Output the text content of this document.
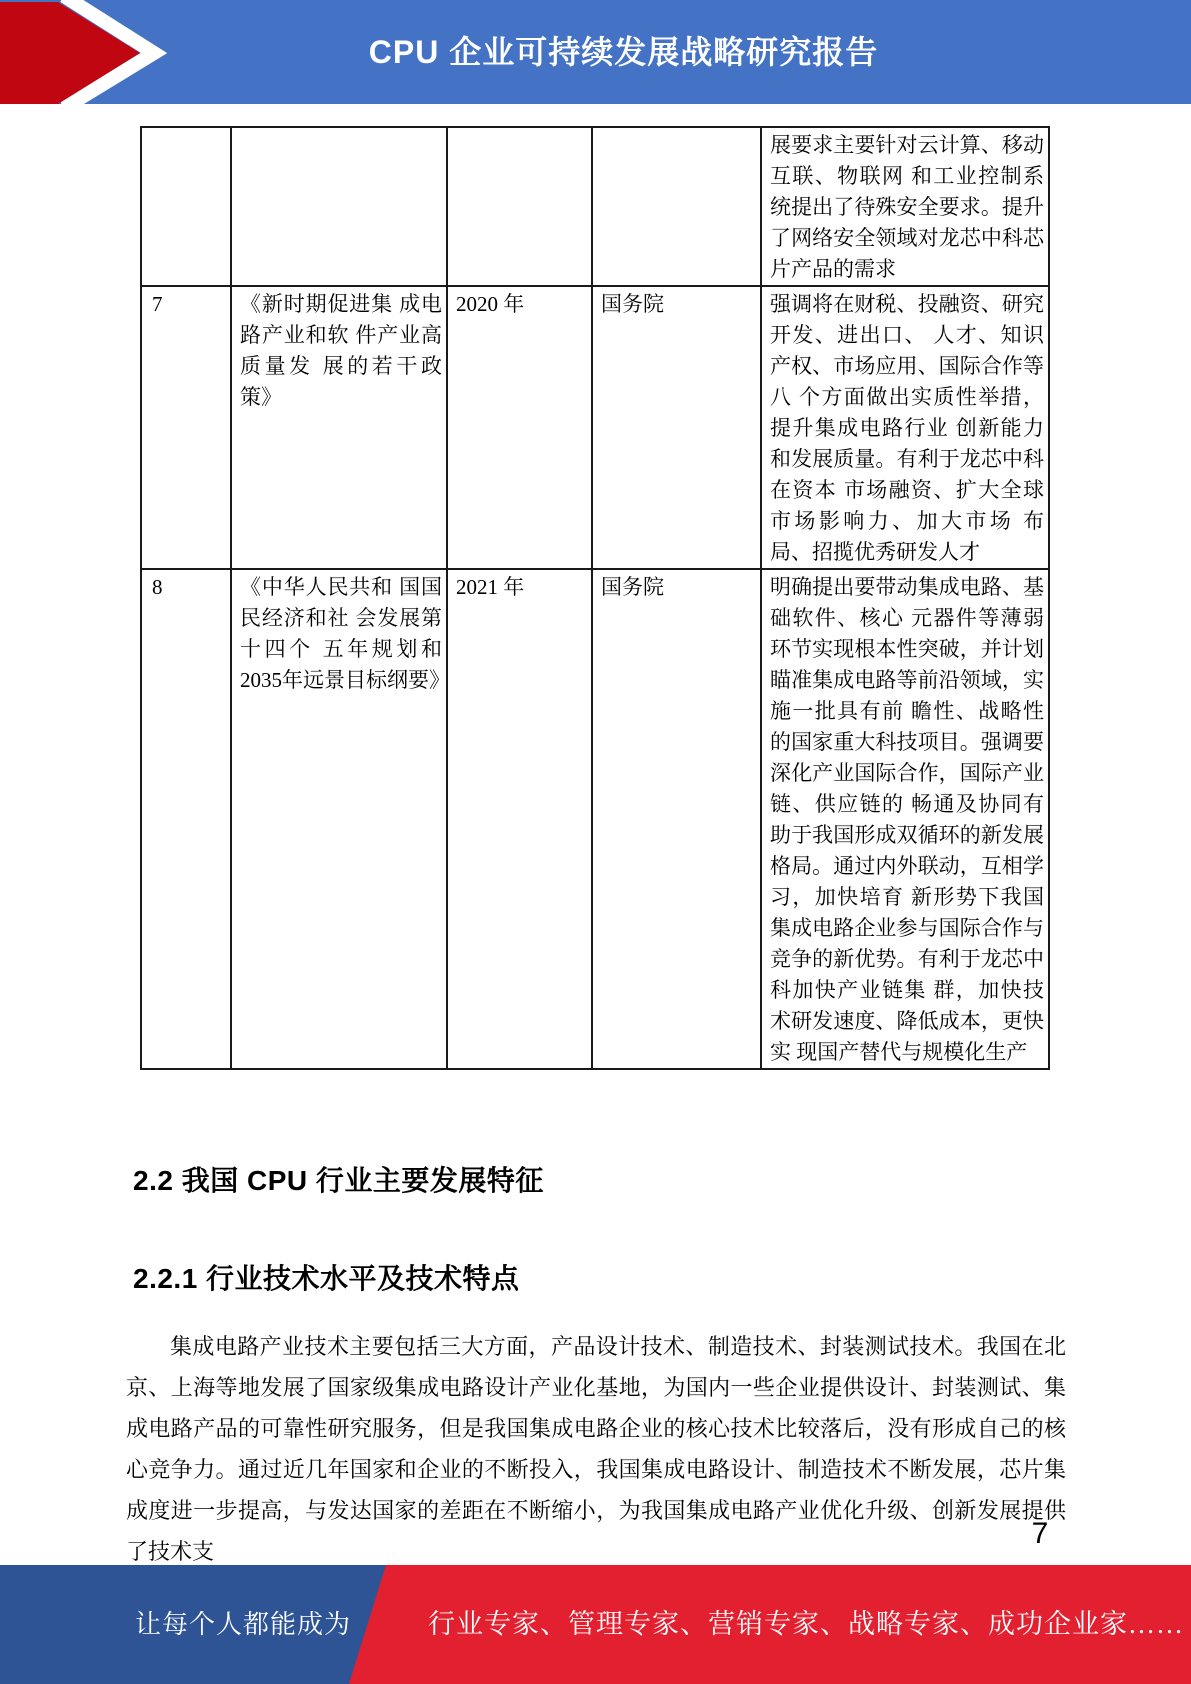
CPU 企业可持续发展战略研究报告
				展要求主要针对云计算、移动互联、物联网 和工业控制系统提出了待殊安全要求。提升了网络安全领域对龙芯中科芯片产品的需求
7	《新时期促进集 成电路产业和软 件产业高质量发 展的若干政策》	2020 年	国务院	强调将在财税、投融资、研究开发、进出口、 人才、知识产权、市场应用、国际合作等八 个方面做出实质性举措，提升集成电路行业 创新能力和发展质量。有利于龙芯中科在资本 市场融资、扩大全球市场影响力、加大市场 布局、招揽优秀研发人才
8	《中华人民共和 国国民经济和社 会发展第十四个 五年规划和2035年远景目标纲要》	2021 年	国务院	明确提出要带动集成电路、基础软件、核心 元器件等薄弱环节实现根本性突破，并计划瞄准集成电路等前沿领域，实施一批具有前 瞻性、战略性的国家重大科技项目。强调要深化产业国际合作，国际产业链、供应链的 畅通及协同有助于我国形成双循环的新发展格局。通过内外联动，互相学习，加快培育 新形势下我国集成电路企业参与国际合作与竞争的新优势。有利于龙芯中科加快产业链集 群，加快技术研发速度、降低成本，更快实 现国产替代与规模化生产
2.2 我国 CPU 行业主要发展特征
2.2.1 行业技术水平及技术特点

集成电路产业技术主要包括三大方面，产品设计技术、制造技术、封装测试技术。我国在北京、上海等地发展了国家级集成电路设计产业化基地，为国内一些企业提供设计、封装测试、集成电路产品的可靠性研究服务，但是我国集成电路企业的核心技术比较落后，没有形成自己的核心竞争力。通过近几年国家和企业的不断投入，我国集成电路设计、制造技术不断发展，芯片集成度进一步提高，与发达国家的差距在不断缩小，为我国集成电路产业优化升级、创新发展提供了技术支

7
让每个人都能成为	行业专家、管理专家、营销专家、战略专家、成功企业家……
